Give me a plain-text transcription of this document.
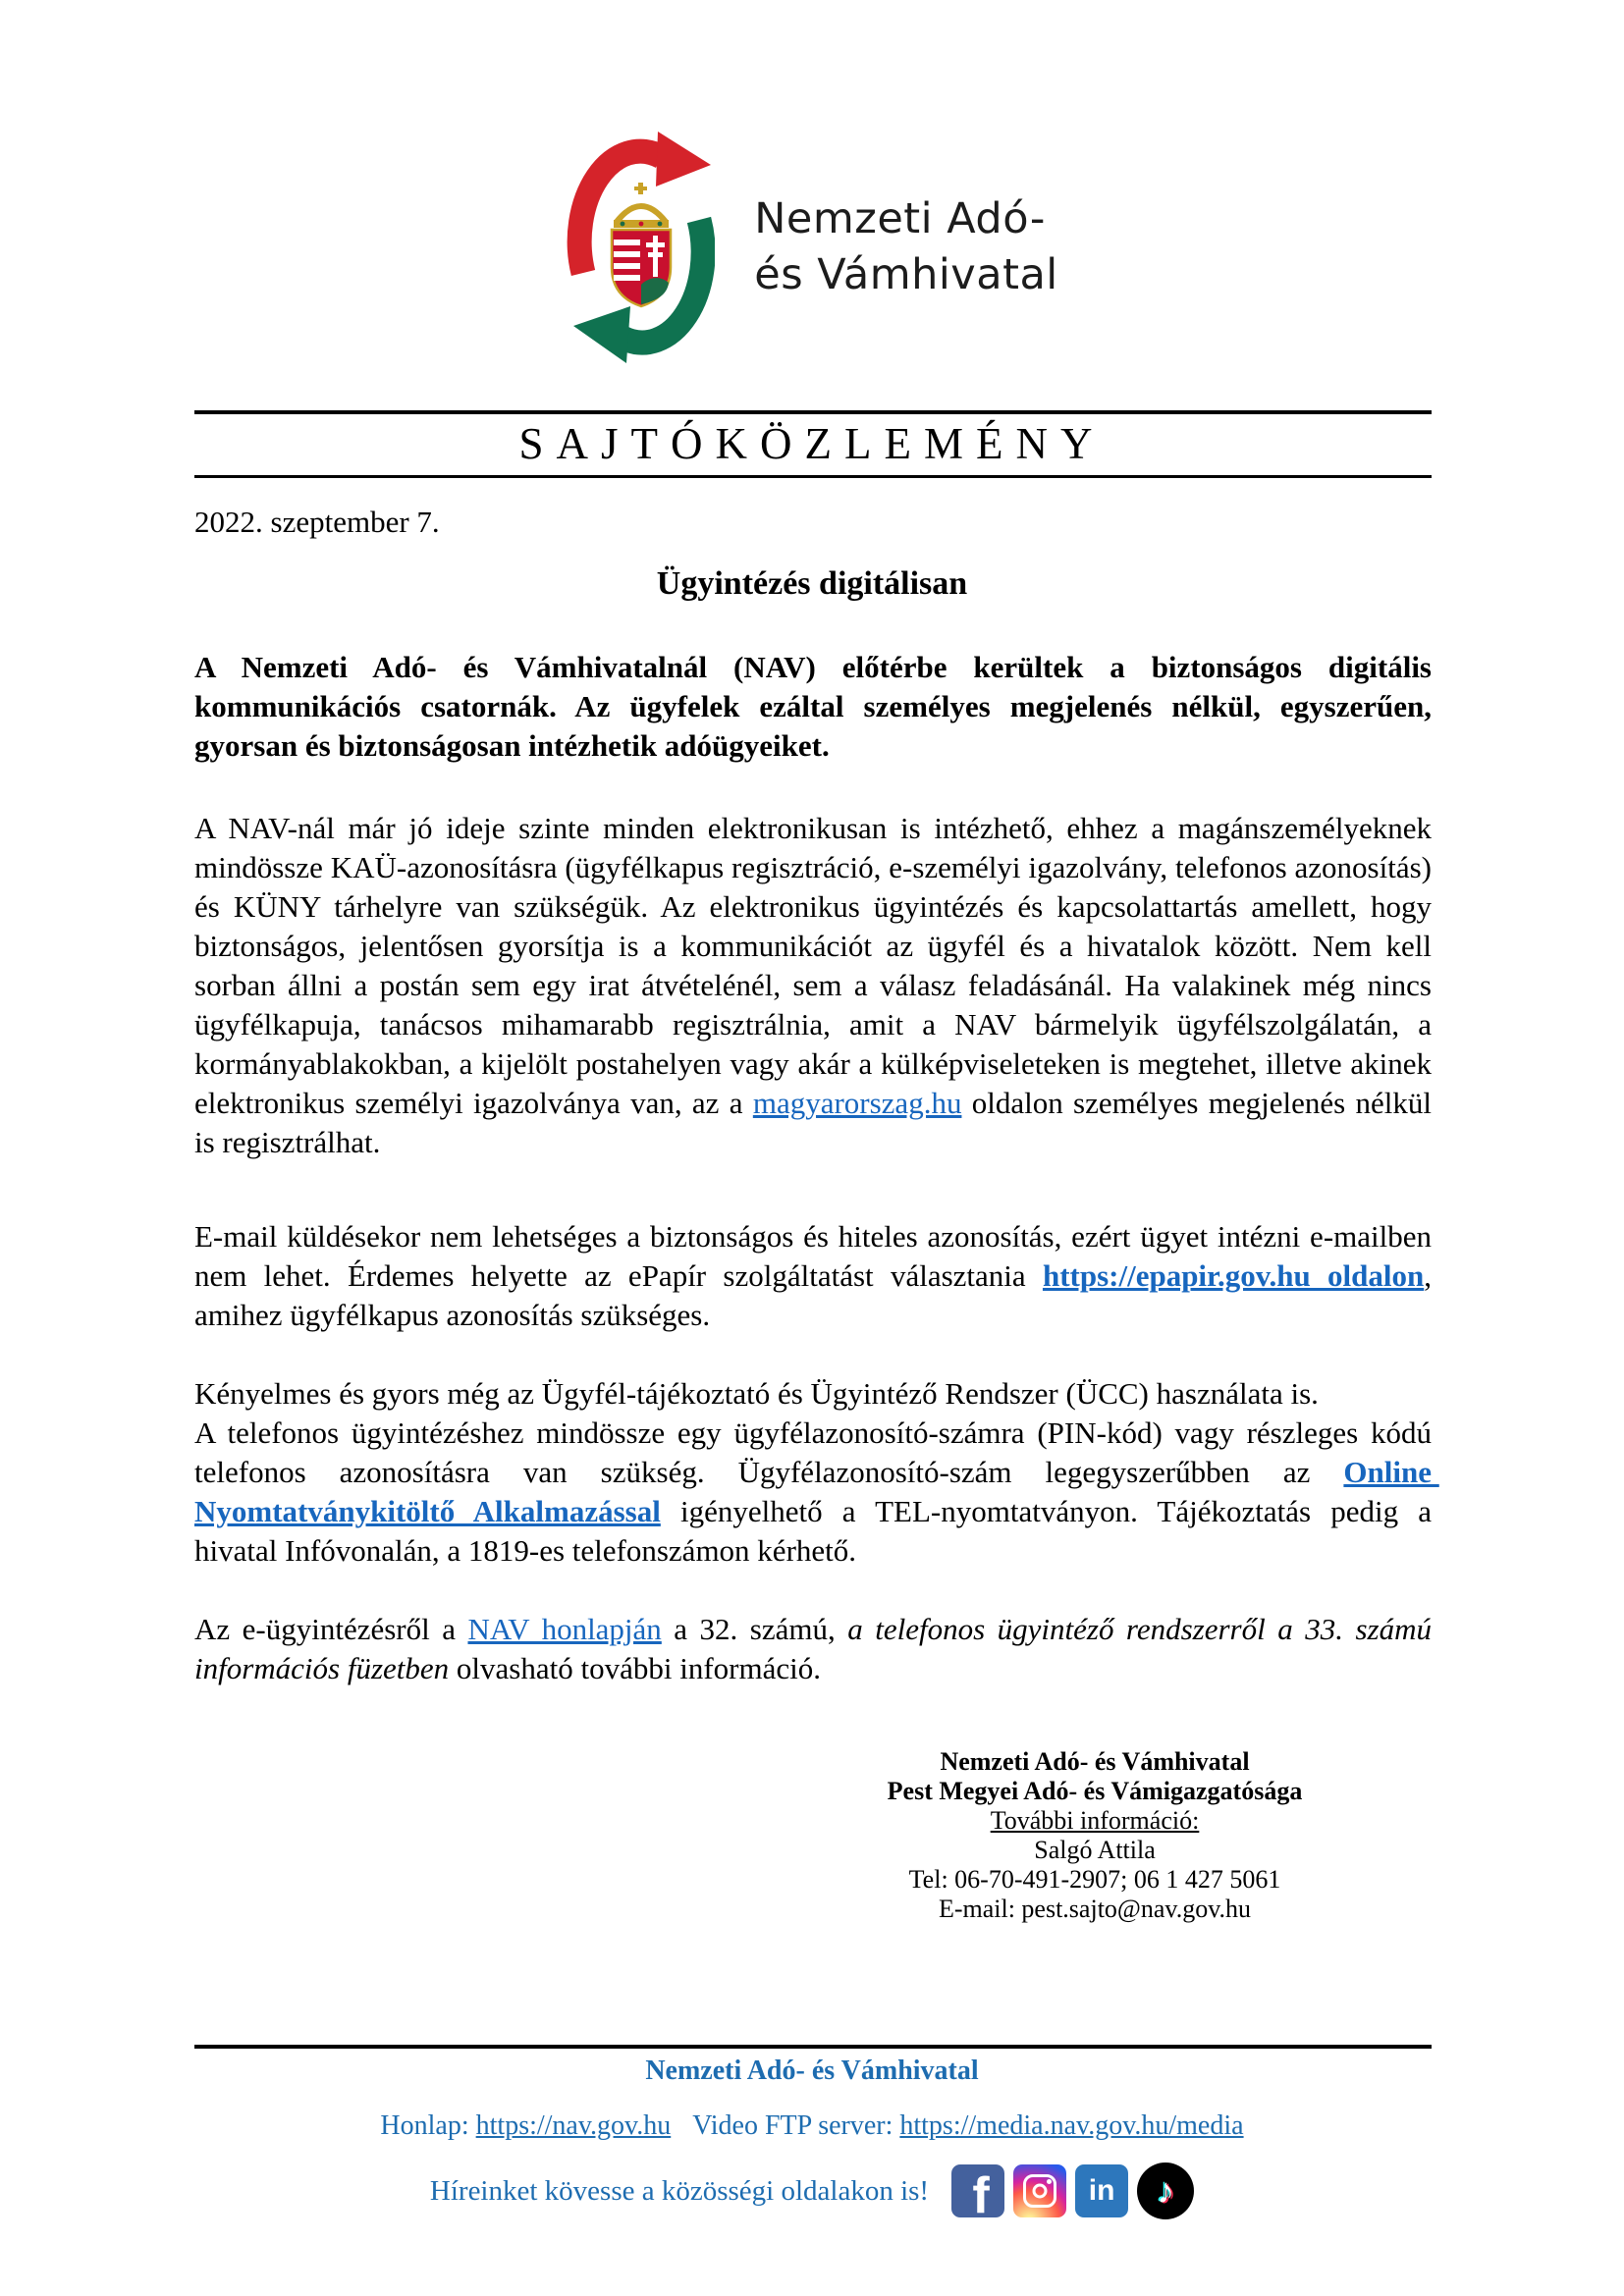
Nemzeti Adó-
és Vámhivatal
SAJTÓKÖZLEMÉNY
2022. szeptember 7.
Ügyintézés digitálisan

A Nemzeti Adó- és Vámhivatalnál (NAV) előtérbe kerültek a biztonságos digitális kommunikációs csatornák. Az ügyfelek ezáltal személyes megjelenés nélkül, egyszerűen, gyorsan és biztonságosan intézhetik adóügyeiket.

A NAV-nál már jó ideje szinte minden elektronikusan is intézhető, ehhez a magánszemélyeknek mindössze KAÜ-azonosításra (ügyfélkapus regisztráció, e-személyi igazolvány, telefonos azonosítás) és KÜNY tárhelyre van szükségük. Az elektronikus ügyintézés és kapcsolattartás amellett, hogy biztonságos, jelentősen gyorsítja is a kommunikációt az ügyfél és a hivatalok között. Nem kell sorban állni a postán sem egy irat átvételénél, sem a válasz feladásánál. Ha valakinek még nincs ügyfélkapuja, tanácsos mihamarabb regisztrálnia, amit a NAV bármelyik ügyfélszolgálatán, a kormányablakokban, a kijelölt postahelyen vagy akár a külképviseleteken is megtehet, illetve akinek elektronikus személyi igazolványa van, az a magyarorszag.hu oldalon személyes megjelenés nélkül is regisztrálhat.

E-mail küldésekor nem lehetséges a biztonságos és hiteles azonosítás, ezért ügyet intézni e-mailben nem lehet. Érdemes helyette az ePapír szolgáltatást választania https://epapir.gov.hu oldalon, amihez ügyfélkapus azonosítás szükséges.

Kényelmes és gyors még az Ügyfél-tájékoztató és Ügyintéző Rendszer (ÜCC) használata is.
A telefonos ügyintézéshez mindössze egy ügyfélazonosító-számra (PIN-kód) vagy részleges kódú telefonos azonosításra van szükség. Ügyfélazonosító-szám legegyszerűbben az Online Nyomtatványkitöltő Alkalmazással igényelhető a TEL-nyomtatványon. Tájékoztatás pedig a hivatal Infóvonalán, a 1819-es telefonszámon kérhető.

Az e-ügyintézésről a NAV honlapján a 32. számú, a telefonos ügyintéző rendszerről a 33. számú információs füzetben olvasható további információ.

Nemzeti Adó- és Vámhivatal
Pest Megyei Adó- és Vámigazgatósága
További információ:
Salgó Attila
Tel: 06-70-491-2907; 06 1 427 5061
E-mail: pest.sajto@nav.gov.hu
Nemzeti Adó- és Vámhivatal
Honlap: https://nav.gov.hu Video FTP server: https://media.nav.gov.hu/media
Híreinket kövesse a közösségi oldalakon is! f	in ♪
